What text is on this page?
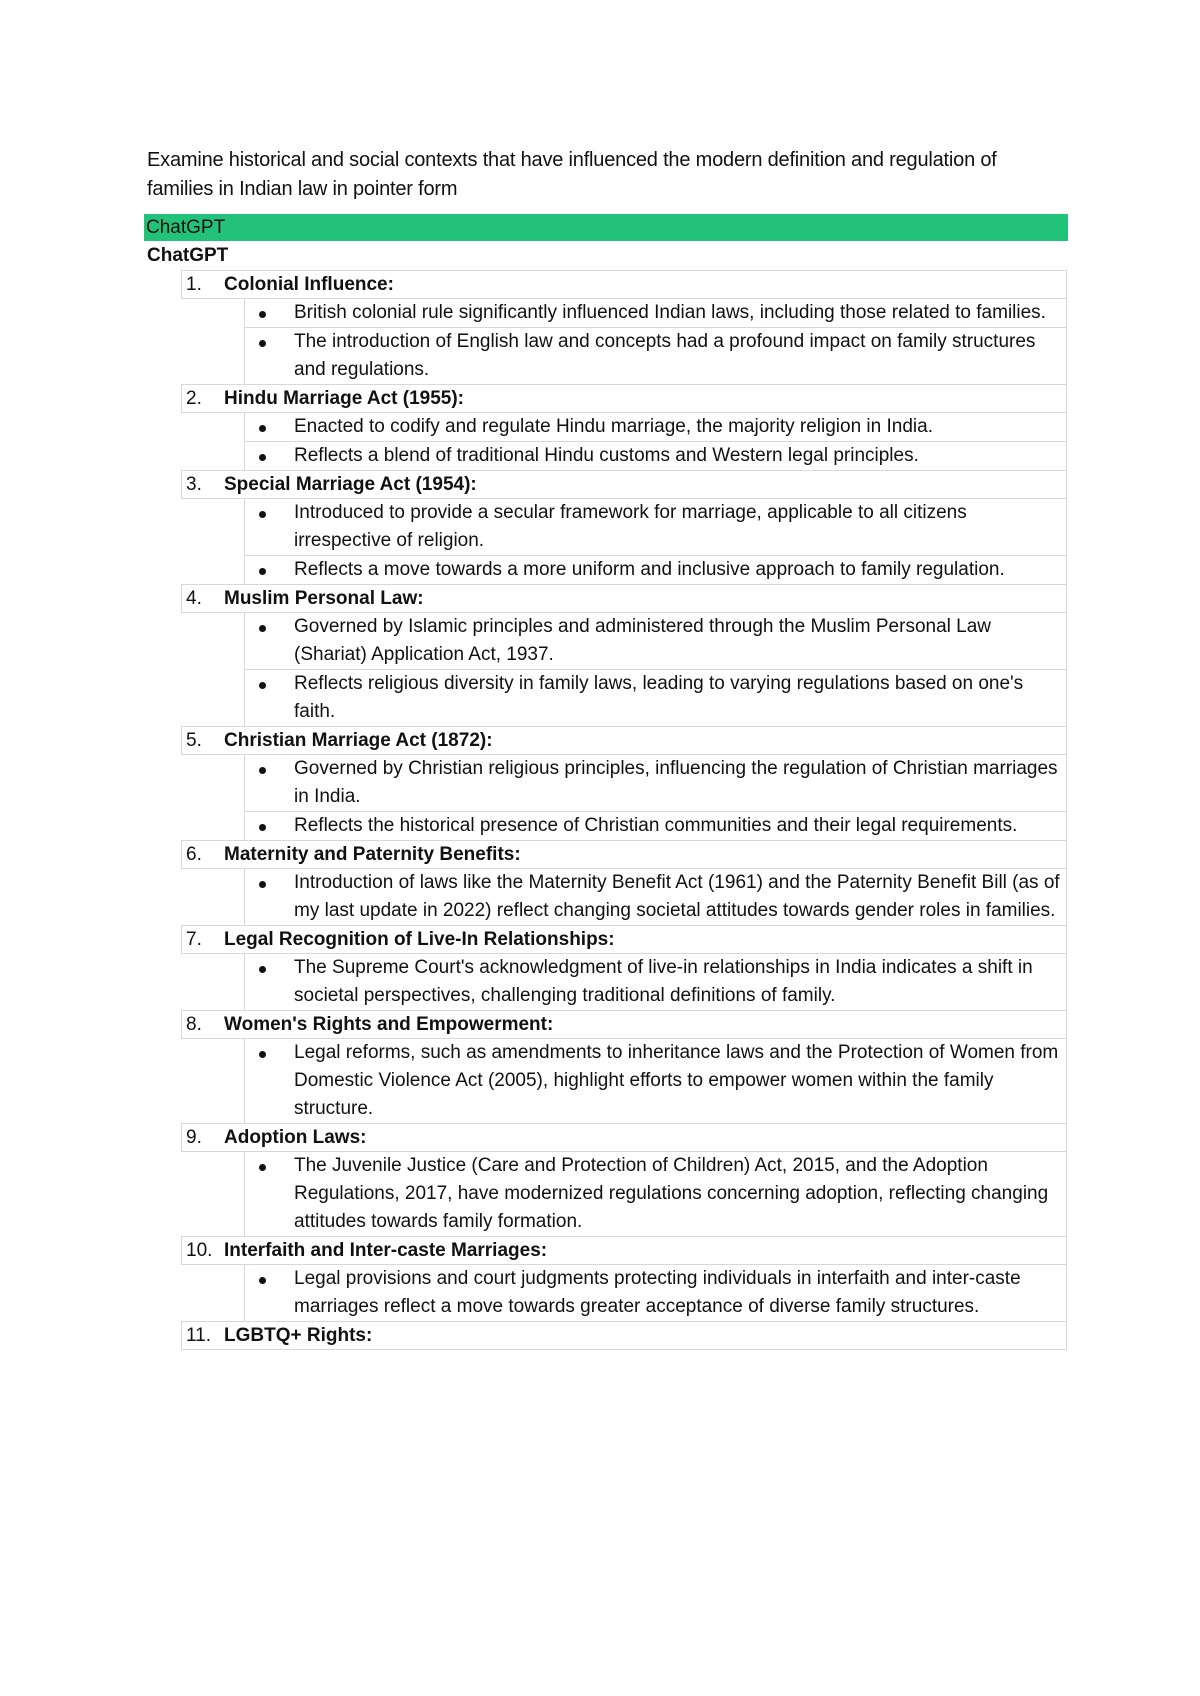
Examine historical and social contexts that have influenced the modern definition and regulation of families in Indian law in pointer form

ChatGPT
ChatGPT
1.	Colonial Influence:
British colonial rule significantly influenced Indian laws, including those related to families.
The introduction of English law and concepts had a profound impact on family structures and regulations.
2.	Hindu Marriage Act (1955):
Enacted to codify and regulate Hindu marriage, the majority religion in India.
Reflects a blend of traditional Hindu customs and Western legal principles.
3.	Special Marriage Act (1954):
Introduced to provide a secular framework for marriage, applicable to all citizens irrespective of religion.
Reflects a move towards a more uniform and inclusive approach to family regulation.
4.	Muslim Personal Law:
Governed by Islamic principles and administered through the Muslim Personal Law (Shariat) Application Act, 1937.
Reflects religious diversity in family laws, leading to varying regulations based on one's faith.
5.	Christian Marriage Act (1872):
Governed by Christian religious principles, influencing the regulation of Christian marriages in India.
Reflects the historical presence of Christian communities and their legal requirements.
6.	Maternity and Paternity Benefits:
Introduction of laws like the Maternity Benefit Act (1961) and the Paternity Benefit Bill (as of my last update in 2022) reflect changing societal attitudes towards gender roles in families.
7.	Legal Recognition of Live-In Relationships:
The Supreme Court's acknowledgment of live-in relationships in India indicates a shift in societal perspectives, challenging traditional definitions of family.
8.	Women's Rights and Empowerment:
Legal reforms, such as amendments to inheritance laws and the Protection of Women from Domestic Violence Act (2005), highlight efforts to empower women within the family structure.
9.	Adoption Laws:
The Juvenile Justice (Care and Protection of Children) Act, 2015, and the Adoption Regulations, 2017, have modernized regulations concerning adoption, reflecting changing attitudes towards family formation.
10. Interfaith and Inter-caste Marriages:
Legal provisions and court judgments protecting individuals in interfaith and inter-caste marriages reflect a move towards greater acceptance of diverse family structures.
11. LGBTQ+ Rights:
